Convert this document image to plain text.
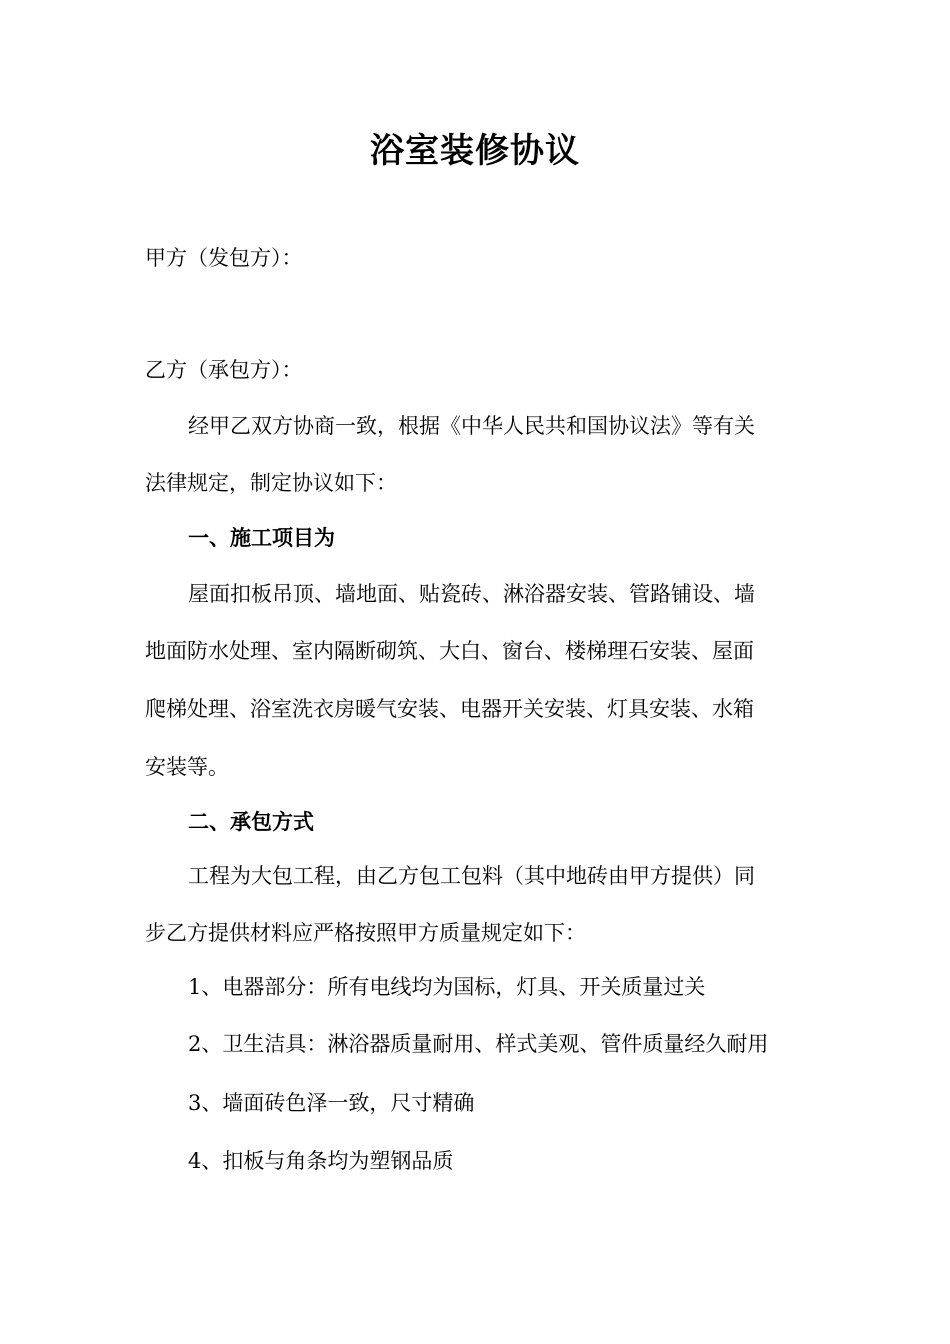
浴室装修协议
甲方（发包方）：
乙方（承包方）：
经甲乙双方协商一致，根据《中华人民共和国协议法》等有关
法律规定，制定协议如下：
一、施工项目为
屋面扣板吊顶、墙地面、贴瓷砖、淋浴器安装、管路铺设、墙
地面防水处理、室内隔断砌筑、大白、窗台、楼梯理石安装、屋面
爬梯处理、浴室洗衣房暖气安装、电器开关安装、灯具安装、水箱
安装等。
二、承包方式
工程为大包工程，由乙方包工包料（其中地砖由甲方提供）同
步乙方提供材料应严格按照甲方质量规定如下：
1、电器部分：所有电线均为国标，灯具、开关质量过关
2、卫生洁具：淋浴器质量耐用、样式美观、管件质量经久耐用
3、墙面砖色泽一致，尺寸精确
4、扣板与角条均为塑钢品质
